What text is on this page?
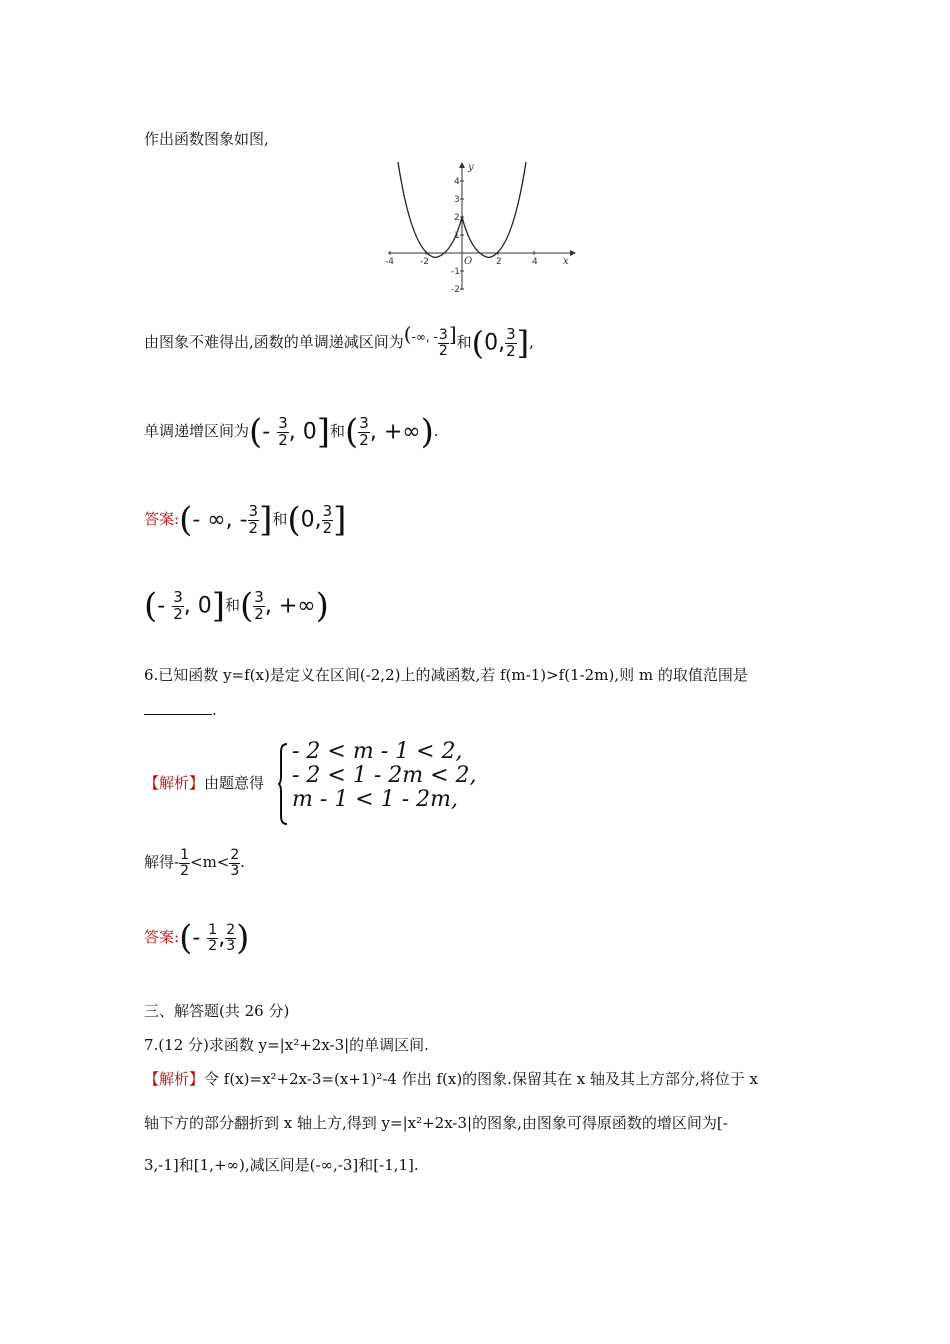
作出函数图象如图,
x
y
O
-4	-2	2	4
4
3
2
1
-1
-2
由图象不难得出,函数的单调递减区间为($^{-\infty, -} \frac{3}{2}$ ]和(0, $\frac{3}{2}$ ],
单调递增区间为(- $\frac{3}{2}$ , 0]和( $\frac{3}{2}$ , +∞).
答案:(- ∞, - $\frac{3}{2}$ ]和(0, $\frac{3}{2}$ ]
(- $\frac{3}{2}$ , 0]和( $\frac{3}{2}$ , +∞)
6.已知函数 y=f(x)是定义在区间(-2,2)上的减函数,若 f(m-1)>f(1-2m),则 m 的取值范围是
.
【解析】由题意得
- 2 < m - 1 < 2,
- 2 < 1 - 2m < 2,
m - 1 < 1 - 2m,
解得- $\frac{1}{2} <m< \frac{2}{3}$ .
答案:(- $\frac{1}{2}$ , $\frac{2}{3}$ )
三、解答题(共 26 分)
7.(12 分)求函数 y=|x²+2x-3|的单调区间.
【解析】令 f(x)=x²+2x-3=(x+1)²-4 作出 f(x)的图象.保留其在 x 轴及其上方部分,将位于 x
轴下方的部分翻折到 x 轴上方,得到 y=|x²+2x-3|的图象,由图象可得原函数的增区间为[-
3,-1]和[1,+∞),减区间是(-∞,-3]和[-1,1].
